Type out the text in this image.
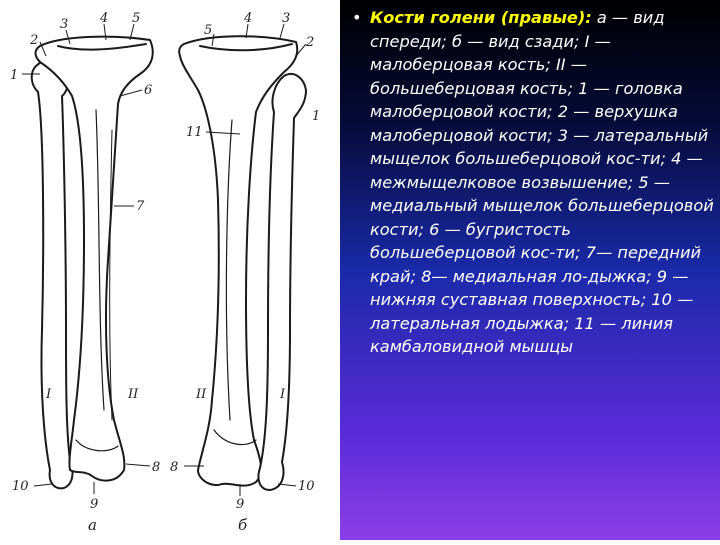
1
2
3 4 5
6
7
8
9
10
I	II
а
5
4 3
2
1
11
8
9
10
II	I
б
• Кости голени (правые): а — вид спереди; б — вид сзади; I — малоберцовая кость; II — большеберцовая кость; 1 — головка малоберцовой кости; 2 — верхушка малоберцовой кости; 3 — латеральный мыщелок большеберцовой кос-ти; 4 — межмыщелковое возвышение; 5 — медиальный мыщелок большеберцовой кости; 6 — бугристость большеберцовой кос-ти; 7— передний край; 8— медиальная ло-дыжка; 9 — нижняя суставная поверхность; 10 — латеральная лодыжка; 11 — линия камбаловидной мышцы
